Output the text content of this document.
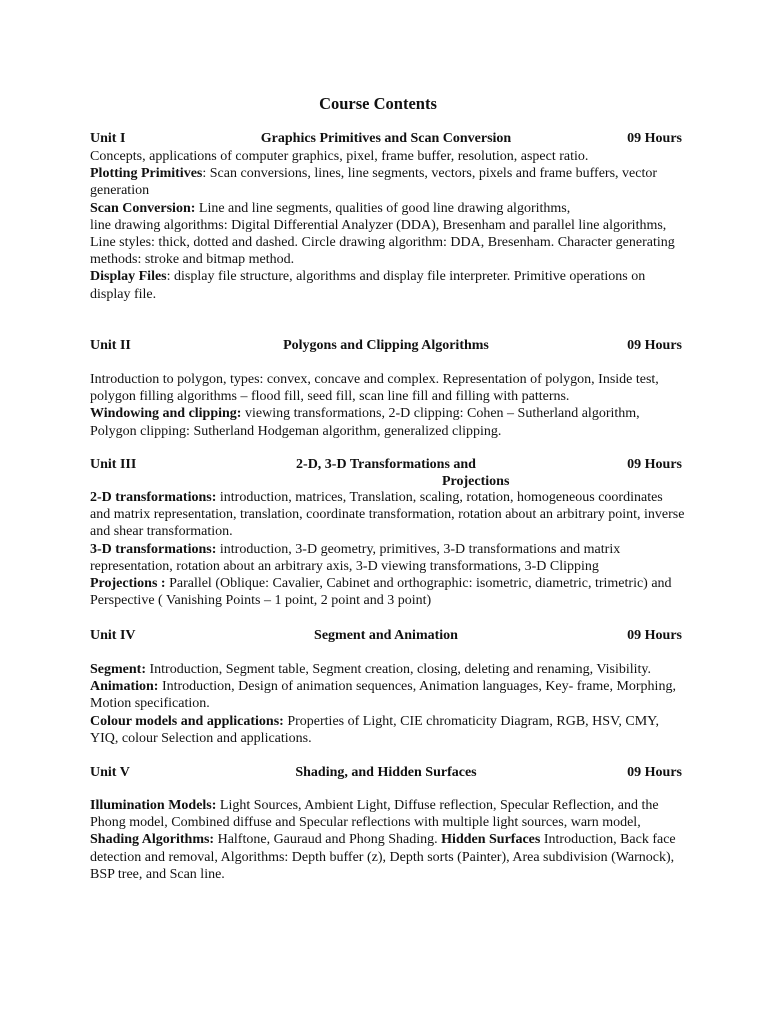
Course Contents
Unit I	Graphics Primitives and Scan Conversion	09 Hours

Concepts, applications of computer graphics, pixel, frame buffer, resolution, aspect ratio.

Plotting Primitives: Scan conversions, lines, line segments, vectors, pixels and frame buffers, vector generation

Scan Conversion: Line and line segments, qualities of good line drawing algorithms,

line drawing algorithms: Digital Differential Analyzer (DDA), Bresenham and parallel line algorithms, Line styles: thick, dotted and dashed. Circle drawing algorithm: DDA, Bresenham. Character generating methods: stroke and bitmap method.

Display Files: display file structure, algorithms and display file interpreter. Primitive operations on display file.

Unit II	Polygons and Clipping Algorithms	09 Hours

Introduction to polygon, types: convex, concave and complex. Representation of polygon, Inside test, polygon filling algorithms – flood fill, seed fill, scan line fill and filling with patterns.

Windowing and clipping: viewing transformations, 2-D clipping: Cohen – Sutherland algorithm, Polygon clipping: Sutherland Hodgeman algorithm, generalized clipping.

Unit III	2-D, 3-D Transformations and	09 Hours
Projections

2-D transformations: introduction, matrices, Translation, scaling, rotation, homogeneous coordinates and matrix representation, translation, coordinate transformation, rotation about an arbitrary point, inverse and shear transformation.

3-D transformations: introduction, 3-D geometry, primitives, 3-D transformations and matrix representation, rotation about an arbitrary axis, 3-D viewing transformations, 3-D Clipping

Projections : Parallel (Oblique: Cavalier, Cabinet and orthographic: isometric, diametric, trimetric) and Perspective ( Vanishing Points – 1 point, 2 point and 3 point)

Unit IV	Segment and Animation	09 Hours

Segment: Introduction, Segment table, Segment creation, closing, deleting and renaming, Visibility.

Animation: Introduction, Design of animation sequences, Animation languages, Key- frame, Morphing, Motion specification.

Colour models and applications: Properties of Light, CIE chromaticity Diagram, RGB, HSV, CMY, YIQ, colour Selection and applications.

Unit V	Shading, and Hidden Surfaces	09 Hours

Illumination Models: Light Sources, Ambient Light, Diffuse reflection, Specular Reflection, and the Phong model, Combined diffuse and Specular reflections with multiple light sources, warn model,

Shading Algorithms: Halftone, Gauraud and Phong Shading. Hidden Surfaces Introduction, Back face detection and removal, Algorithms: Depth buffer (z), Depth sorts (Painter), Area subdivision (Warnock), BSP tree, and Scan line.
